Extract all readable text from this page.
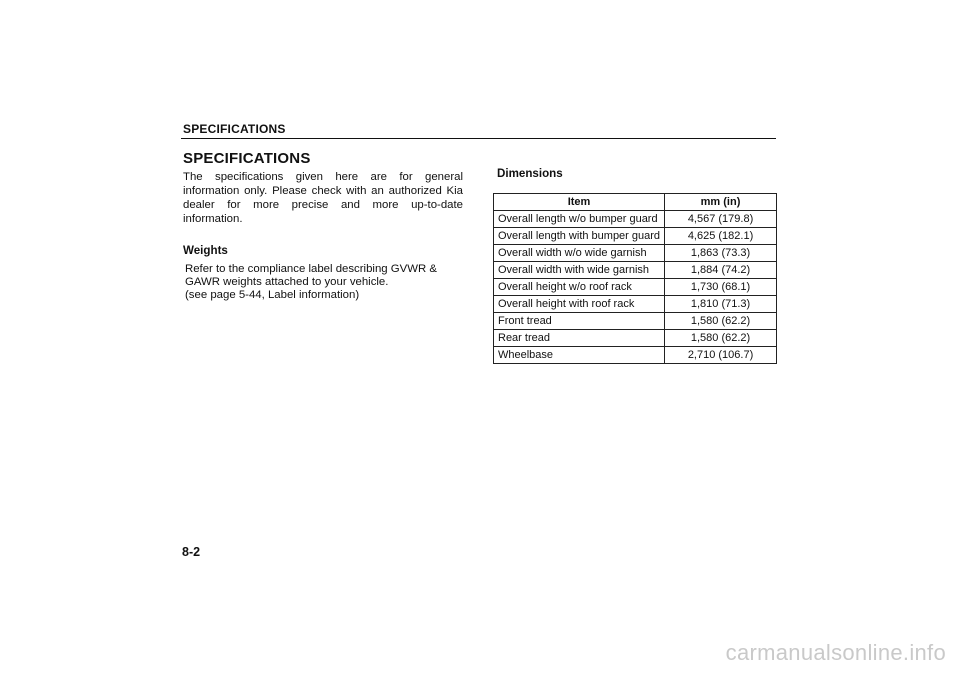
SPECIFICATIONS
SPECIFICATIONS

The specifications given here are for general information only. Please check with an authorized Kia dealer for more precise and more up-to-date information.

Weights
Refer to the compliance label describing GVWR &
GAWR weights attached to your vehicle.
(see page 5-44, Label information)
Dimensions
Item	mm (in)
Overall length w/o bumper guard	4,567 (179.8)
Overall length with bumper guard	4,625 (182.1)
Overall width w/o wide garnish	1,863 (73.3)
Overall width with wide garnish	1,884 (74.2)
Overall height w/o roof rack	1,730 (68.1)
Overall height with roof rack	1,810 (71.3)
Front tread	1,580 (62.2)
Rear tread	1,580 (62.2)
Wheelbase	2,710 (106.7)
8-2
carmanualsonline.info
